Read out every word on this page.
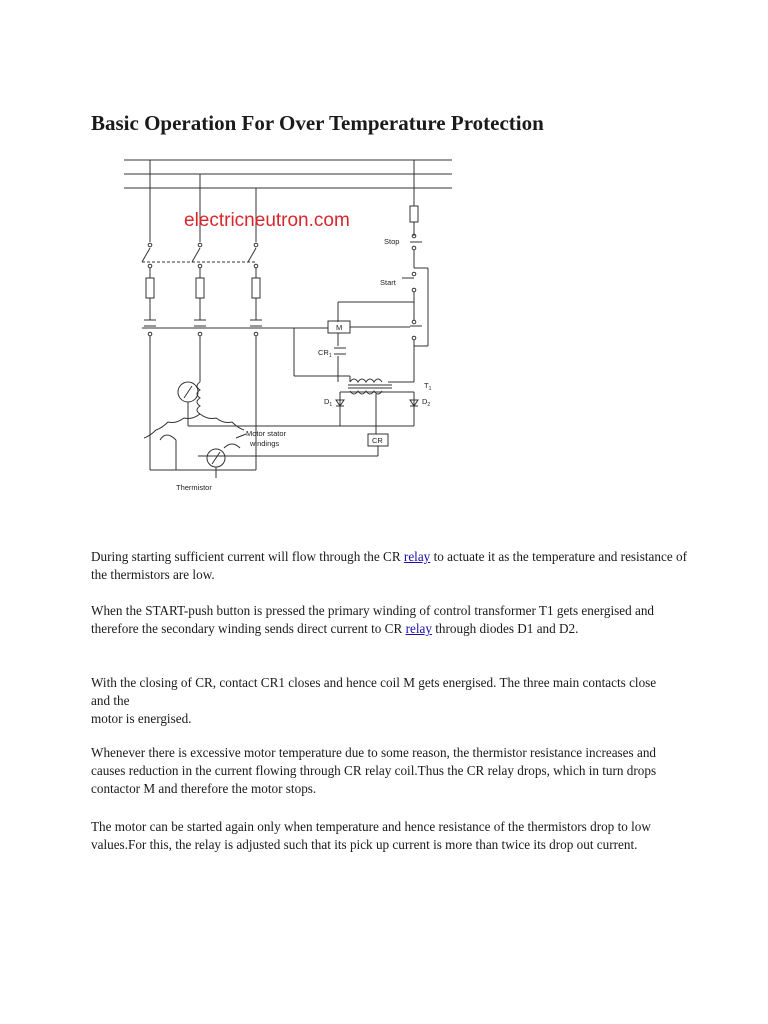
Basic Operation For Over Temperature Protection
electricneutron.com
Stop
Start
M
$CR_1$
$T_1$
$D_1$	$D_2$
CR
Motor stator
windings
Thermistor

During starting sufficient current will flow through the CR relay to actuate it as the temperature and resistance of the thermistors are low.

When the START-push button is pressed the primary winding of control transformer T1 gets energised and therefore the secondary winding sends direct current to CR relay through diodes D1 and D2.

With the closing of CR, contact CR1 closes and hence coil M gets energised. The three main contacts close and the
motor is energised.

Whenever there is excessive motor temperature due to some reason, the thermistor resistance increases and causes reduction in the current flowing through CR relay coil.Thus the CR relay drops, which in turn drops contactor M and therefore the motor stops.

The motor can be started again only when temperature and hence resistance of the thermistors drop to low values.For this, the relay is adjusted such that its pick up current is more than twice its drop out current.
